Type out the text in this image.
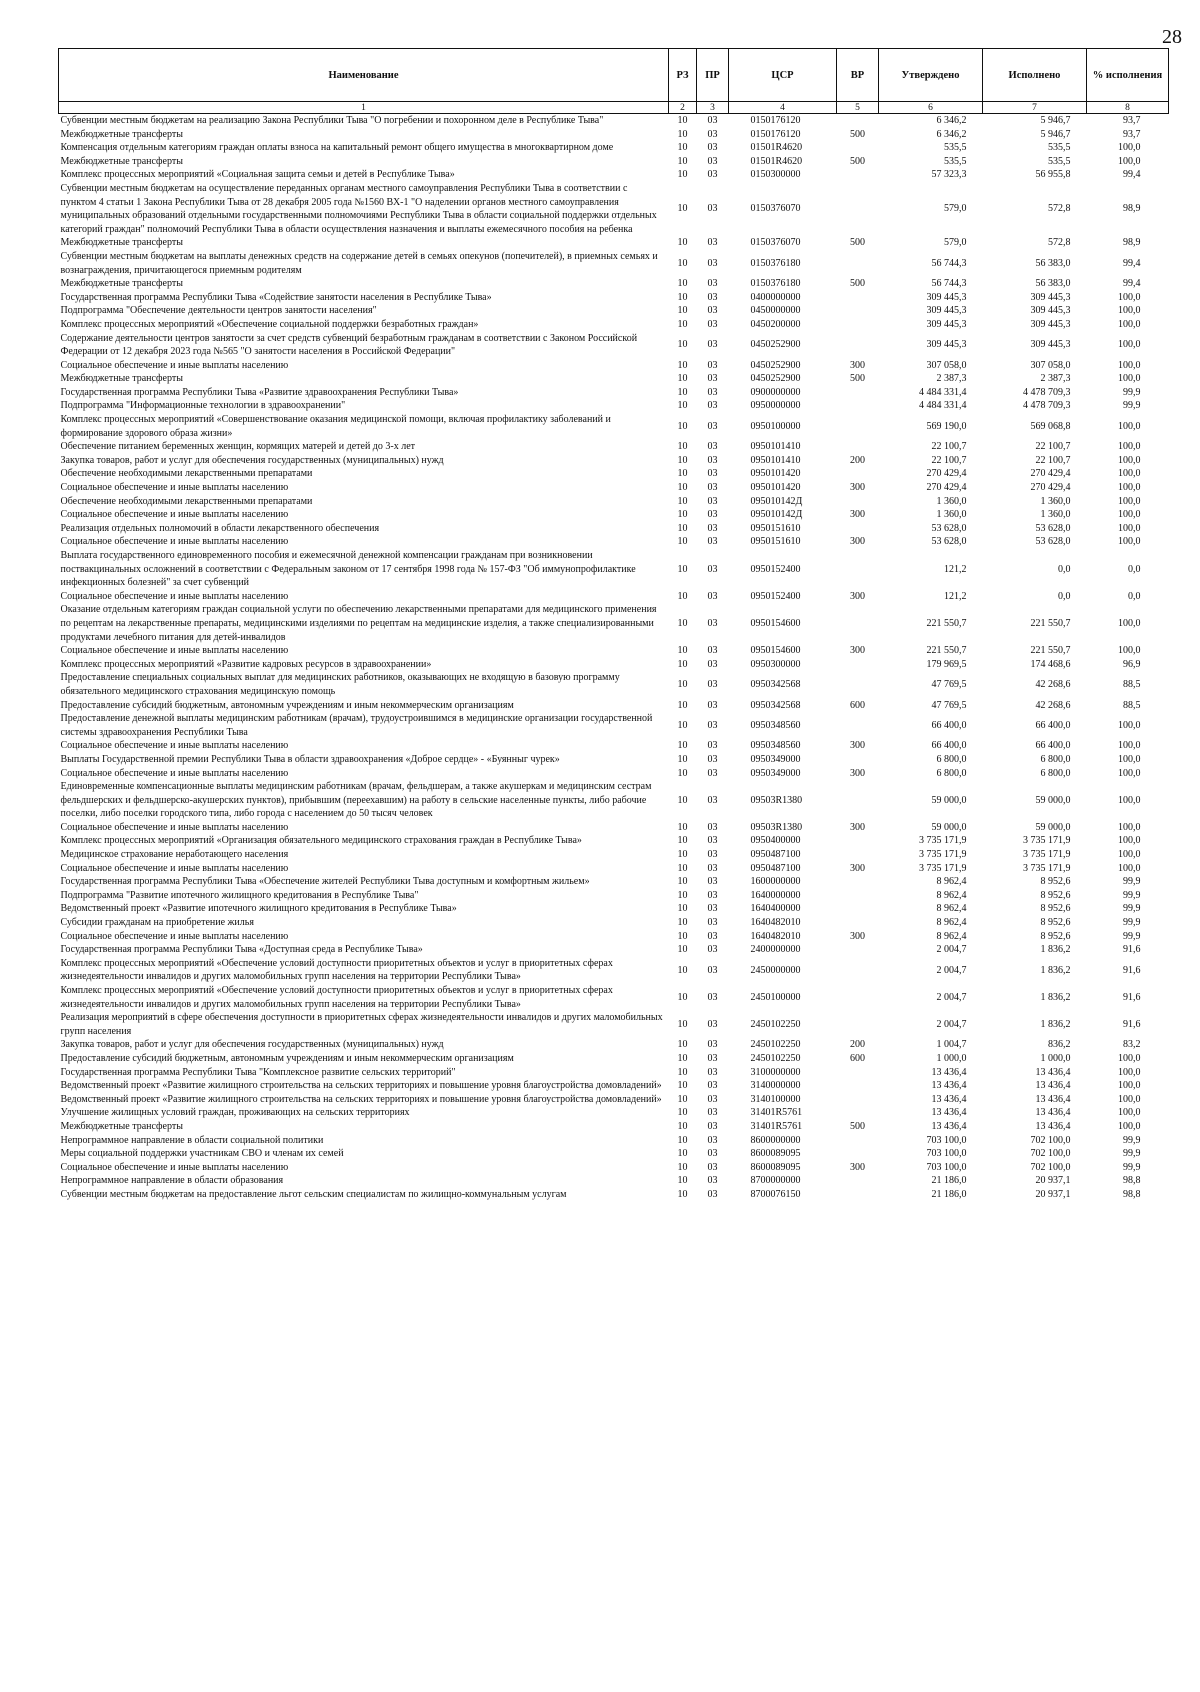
28
Наименование	РЗ	ПР	ЦСР	ВР	Утверждено	Исполнено	% исполнения
1	2	3	4	5	6	7	8
Субвенции местным бюджетам на реализацию Закона Республики Тыва "О погребении и похоронном деле в Республике Тыва"	10	03	0150176120		6 346,2	5 946,7	93,7
Межбюджетные трансферты	10	03	0150176120	500	6 346,2	5 946,7	93,7
Компенсация отдельным категориям граждан оплаты взноса на капитальный ремонт общего имущества в многоквартирном доме	10	03	01501R4620		535,5	535,5	100,0
Межбюджетные трансферты	10	03	01501R4620	500	535,5	535,5	100,0
Комплекс процессных мероприятий «Социальная защита семьи и детей в Республике Тыва»	10	03	0150300000		57 323,3	56 955,8	99,4
Субвенции местным бюджетам на осуществление переданных органам местного самоуправления Республики Тыва в соответствии с пунктом 4 статьи 1 Закона Республики Тыва от 28 декабря 2005 года №1560 ВХ-1 "О наделении органов местного самоуправления муниципальных образований отдельными государственными полномочиями Республики Тыва в области социальной поддержки отдельных категорий граждан" полномочий Республики Тыва в области осуществления назначения и выплаты ежемесячного пособия на ребенка	10	03	0150376070		579,0	572,8	98,9
Межбюджетные трансферты	10	03	0150376070	500	579,0	572,8	98,9
Субвенции местным бюджетам на выплаты денежных средств на содержание детей в семьях опекунов (попечителей), в приемных семьях и вознаграждения, причитающегося приемным родителям	10	03	0150376180		56 744,3	56 383,0	99,4
Межбюджетные трансферты	10	03	0150376180	500	56 744,3	56 383,0	99,4
Государственная программа Республики Тыва «Содействие занятости населения в Республике Тыва»	10	03	0400000000		309 445,3	309 445,3	100,0
Подпрограмма "Обеспечение деятельности центров занятости населения"	10	03	0450000000		309 445,3	309 445,3	100,0
Комплекс процессных мероприятий «Обеспечение социальной поддержки безработных граждан»	10	03	0450200000		309 445,3	309 445,3	100,0
Содержание деятельности центров занятости за счет средств субвенций безработным гражданам в соответствии с Законом Российской Федерации от 12 декабря 2023 года №565 "О занятости населения в Российской Федерации"	10	03	0450252900		309 445,3	309 445,3	100,0
Социальное обеспечение и иные выплаты населению	10	03	0450252900	300	307 058,0	307 058,0	100,0
Межбюджетные трансферты	10	03	0450252900	500	2 387,3	2 387,3	100,0
Государственная программа Республики Тыва «Развитие здравоохранения Республики Тыва»	10	03	0900000000		4 484 331,4	4 478 709,3	99,9
Подпрограмма "Информационные технологии в здравоохранении"	10	03	0950000000		4 484 331,4	4 478 709,3	99,9
Комплекс процессных мероприятий «Совершенствование оказания медицинской помощи, включая профилактику заболеваний и формирование здорового образа жизни»	10	03	0950100000		569 190,0	569 068,8	100,0
Обеспечение питанием беременных женщин, кормящих матерей и детей до 3-х лет	10	03	0950101410		22 100,7	22 100,7	100,0
Закупка товаров, работ и услуг для обеспечения государственных (муниципальных) нужд	10	03	0950101410	200	22 100,7	22 100,7	100,0
Обеспечение необходимыми лекарственными препаратами	10	03	0950101420		270 429,4	270 429,4	100,0
Социальное обеспечение и иные выплаты населению	10	03	0950101420	300	270 429,4	270 429,4	100,0
Обеспечение необходимыми лекарственными препаратами	10	03	095010142Д		1 360,0	1 360,0	100,0
Социальное обеспечение и иные выплаты населению	10	03	095010142Д	300	1 360,0	1 360,0	100,0
Реализация отдельных полномочий в области лекарственного обеспечения	10	03	0950151610		53 628,0	53 628,0	100,0
Социальное обеспечение и иные выплаты населению	10	03	0950151610	300	53 628,0	53 628,0	100,0
Выплата государственного единовременного пособия и ежемесячной денежной компенсации гражданам при возникновении поствакцинальных осложнений в соответствии с Федеральным законом от 17 сентября 1998 года № 157-ФЗ "Об иммунопрофилактике инфекционных болезней" за счет субвенций	10	03	0950152400		121,2	0,0	0,0
Социальное обеспечение и иные выплаты населению	10	03	0950152400	300	121,2	0,0	0,0
Оказание отдельным категориям граждан социальной услуги по обеспечению лекарственными препаратами для медицинского применения по рецептам на лекарственные препараты, медицинскими изделиями по рецептам на медицинские изделия, а также специализированными продуктами лечебного питания для детей-инвалидов	10	03	0950154600		221 550,7	221 550,7	100,0
Социальное обеспечение и иные выплаты населению	10	03	0950154600	300	221 550,7	221 550,7	100,0
Комплекс процессных мероприятий «Развитие кадровых ресурсов в здравоохранении»	10	03	0950300000		179 969,5	174 468,6	96,9
Предоставление специальных социальных выплат для медицинских работников, оказывающих не входящую в базовую программу обязательного медицинского страхования медицинскую помощь	10	03	0950342568		47 769,5	42 268,6	88,5
Предоставление субсидий бюджетным, автономным учреждениям и иным некоммерческим организациям	10	03	0950342568	600	47 769,5	42 268,6	88,5
Предоставление денежной выплаты медицинским работникам (врачам), трудоустроившимся в медицинские организации государственной системы здравоохранения Республики Тыва	10	03	0950348560		66 400,0	66 400,0	100,0
Социальное обеспечение и иные выплаты населению	10	03	0950348560	300	66 400,0	66 400,0	100,0
Выплаты Государственной премии Республики Тыва в области здравоохранения «Доброе сердце» - «Буянныг чурек»	10	03	0950349000		6 800,0	6 800,0	100,0
Социальное обеспечение и иные выплаты населению	10	03	0950349000	300	6 800,0	6 800,0	100,0
Единовременные компенсационные выплаты медицинским работникам (врачам, фельдшерам, а также акушеркам и медицинским сестрам фельдшерских и фельдшерско-акушерских пунктов), прибывшим (переехавшим) на работу в сельские населенные пункты, либо рабочие поселки, либо поселки городского типа, либо города с населением до 50 тысяч человек	10	03	09503R1380		59 000,0	59 000,0	100,0
Социальное обеспечение и иные выплаты населению	10	03	09503R1380	300	59 000,0	59 000,0	100,0
Комплекс процессных мероприятий «Организация обязательного медицинского страхования граждан в Республике Тыва»	10	03	0950400000		3 735 171,9	3 735 171,9	100,0
Медицинское страхование неработающего населения	10	03	0950487100		3 735 171,9	3 735 171,9	100,0
Социальное обеспечение и иные выплаты населению	10	03	0950487100	300	3 735 171,9	3 735 171,9	100,0
Государственная программа Республики Тыва «Обеспечение жителей Республики Тыва доступным и комфортным жильем»	10	03	1600000000		8 962,4	8 952,6	99,9
Подпрограмма "Развитие ипотечного жилищного кредитования в Республике Тыва"	10	03	1640000000		8 962,4	8 952,6	99,9
Ведомственный проект «Развитие ипотечного жилищного кредитования в Республике Тыва»	10	03	1640400000		8 962,4	8 952,6	99,9
Субсидии гражданам на приобретение жилья	10	03	1640482010		8 962,4	8 952,6	99,9
Социальное обеспечение и иные выплаты населению	10	03	1640482010	300	8 962,4	8 952,6	99,9
Государственная программа Республики Тыва «Доступная среда в Республике Тыва»	10	03	2400000000		2 004,7	1 836,2	91,6
Комплекс процессных мероприятий «Обеспечение условий доступности приоритетных объектов и услуг в приоритетных сферах жизнедеятельности инвалидов и других маломобильных групп населения на территории Республики Тыва»	10	03	2450000000		2 004,7	1 836,2	91,6
Комплекс процессных мероприятий «Обеспечение условий доступности приоритетных объектов и услуг в приоритетных сферах жизнедеятельности инвалидов и других маломобильных групп населения на территории Республики Тыва»	10	03	2450100000		2 004,7	1 836,2	91,6
Реализация мероприятий в сфере обеспечения доступности в приоритетных сферах жизнедеятельности инвалидов и других маломобильных групп населения	10	03	2450102250		2 004,7	1 836,2	91,6
Закупка товаров, работ и услуг для обеспечения государственных (муниципальных) нужд	10	03	2450102250	200	1 004,7	836,2	83,2
Предоставление субсидий бюджетным, автономным учреждениям и иным некоммерческим организациям	10	03	2450102250	600	1 000,0	1 000,0	100,0
Государственная программа Республики Тыва "Комплексное развитие сельских территорий"	10	03	3100000000		13 436,4	13 436,4	100,0
Ведомственный проект «Развитие жилищного строительства на сельских территориях и повышение уровня благоустройства домовладений»	10	03	3140000000		13 436,4	13 436,4	100,0
Ведомственный проект «Развитие жилищного строительства на сельских территориях и повышение уровня благоустройства домовладений»	10	03	3140100000		13 436,4	13 436,4	100,0
Улучшение жилищных условий граждан, проживающих на сельских территориях	10	03	31401R5761		13 436,4	13 436,4	100,0
Межбюджетные трансферты	10	03	31401R5761	500	13 436,4	13 436,4	100,0
Непрограммное направление в области социальной политики	10	03	8600000000		703 100,0	702 100,0	99,9
Меры социальной поддержки участникам СВО и членам их семей	10	03	8600089095		703 100,0	702 100,0	99,9
Социальное обеспечение и иные выплаты населению	10	03	8600089095	300	703 100,0	702 100,0	99,9
Непрограммное направление в области образования	10	03	8700000000		21 186,0	20 937,1	98,8
Субвенции местным бюджетам на предоставление льгот сельским специалистам по жилищно-коммунальным услугам	10	03	8700076150		21 186,0	20 937,1	98,8
